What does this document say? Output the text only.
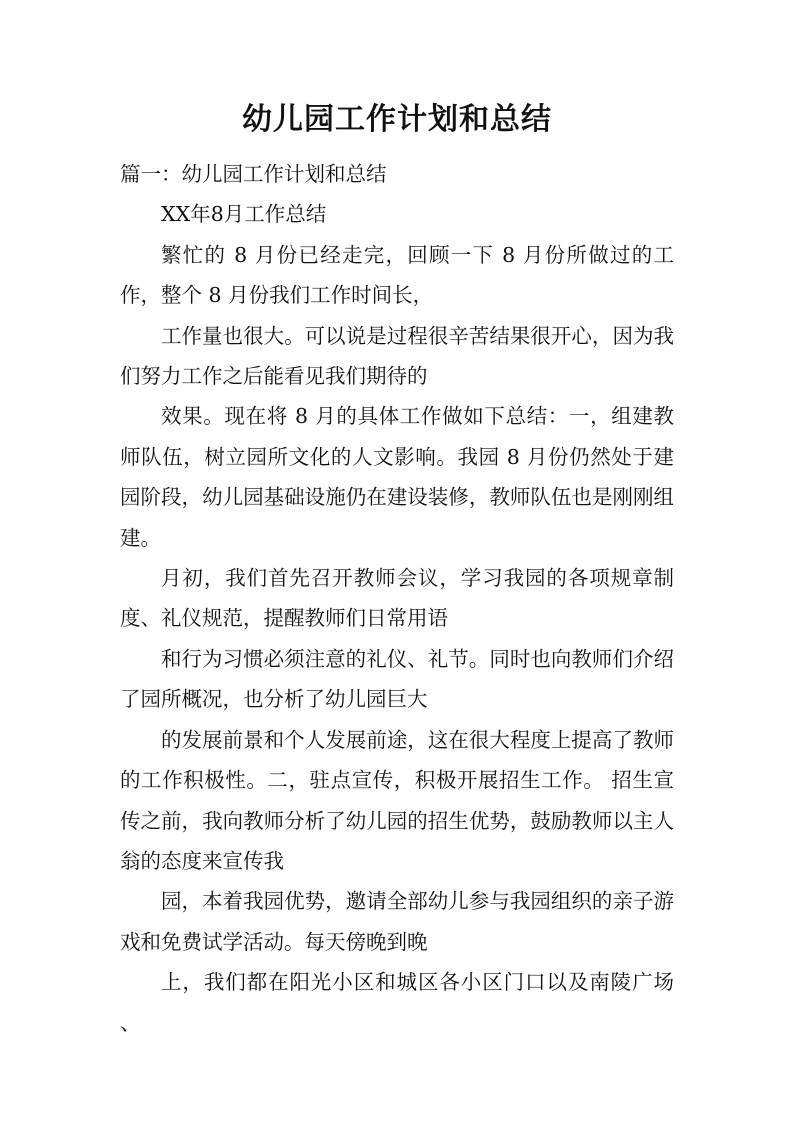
幼儿园工作计划和总结

篇一：幼儿园工作计划和总结

XX年8月工作总结

繁忙的 8 月份已经走完，回顾一下 8 月份所做过的工作，整个 8 月份我们工作时间长，

工作量也很大。可以说是过程很辛苦结果很开心，因为我们努力工作之后能看见我们期待的

效果。现在将 8 月的具体工作做如下总结：一，组建教师队伍，树立园所文化的人文影响。我园 8 月份仍然处于建园阶段，幼儿园基础设施仍在建设装修，教师队伍也是刚刚组建。

月初，我们首先召开教师会议，学习我园的各项规章制度、礼仪规范，提醒教师们日常用语

和行为习惯必须注意的礼仪、礼节。同时也向教师们介绍了园所概况，也分析了幼儿园巨大

的发展前景和个人发展前途，这在很大程度上提高了教师的工作积极性。二，驻点宣传，积极开展招生工作。 招生宣传之前，我向教师分析了幼儿园的招生优势，鼓励教师以主人翁的态度来宣传我

园，本着我园优势，邀请全部幼儿参与我园组织的亲子游戏和免费试学活动。每天傍晚到晚

上，我们都在阳光小区和城区各小区门口以及南陵广场 、
